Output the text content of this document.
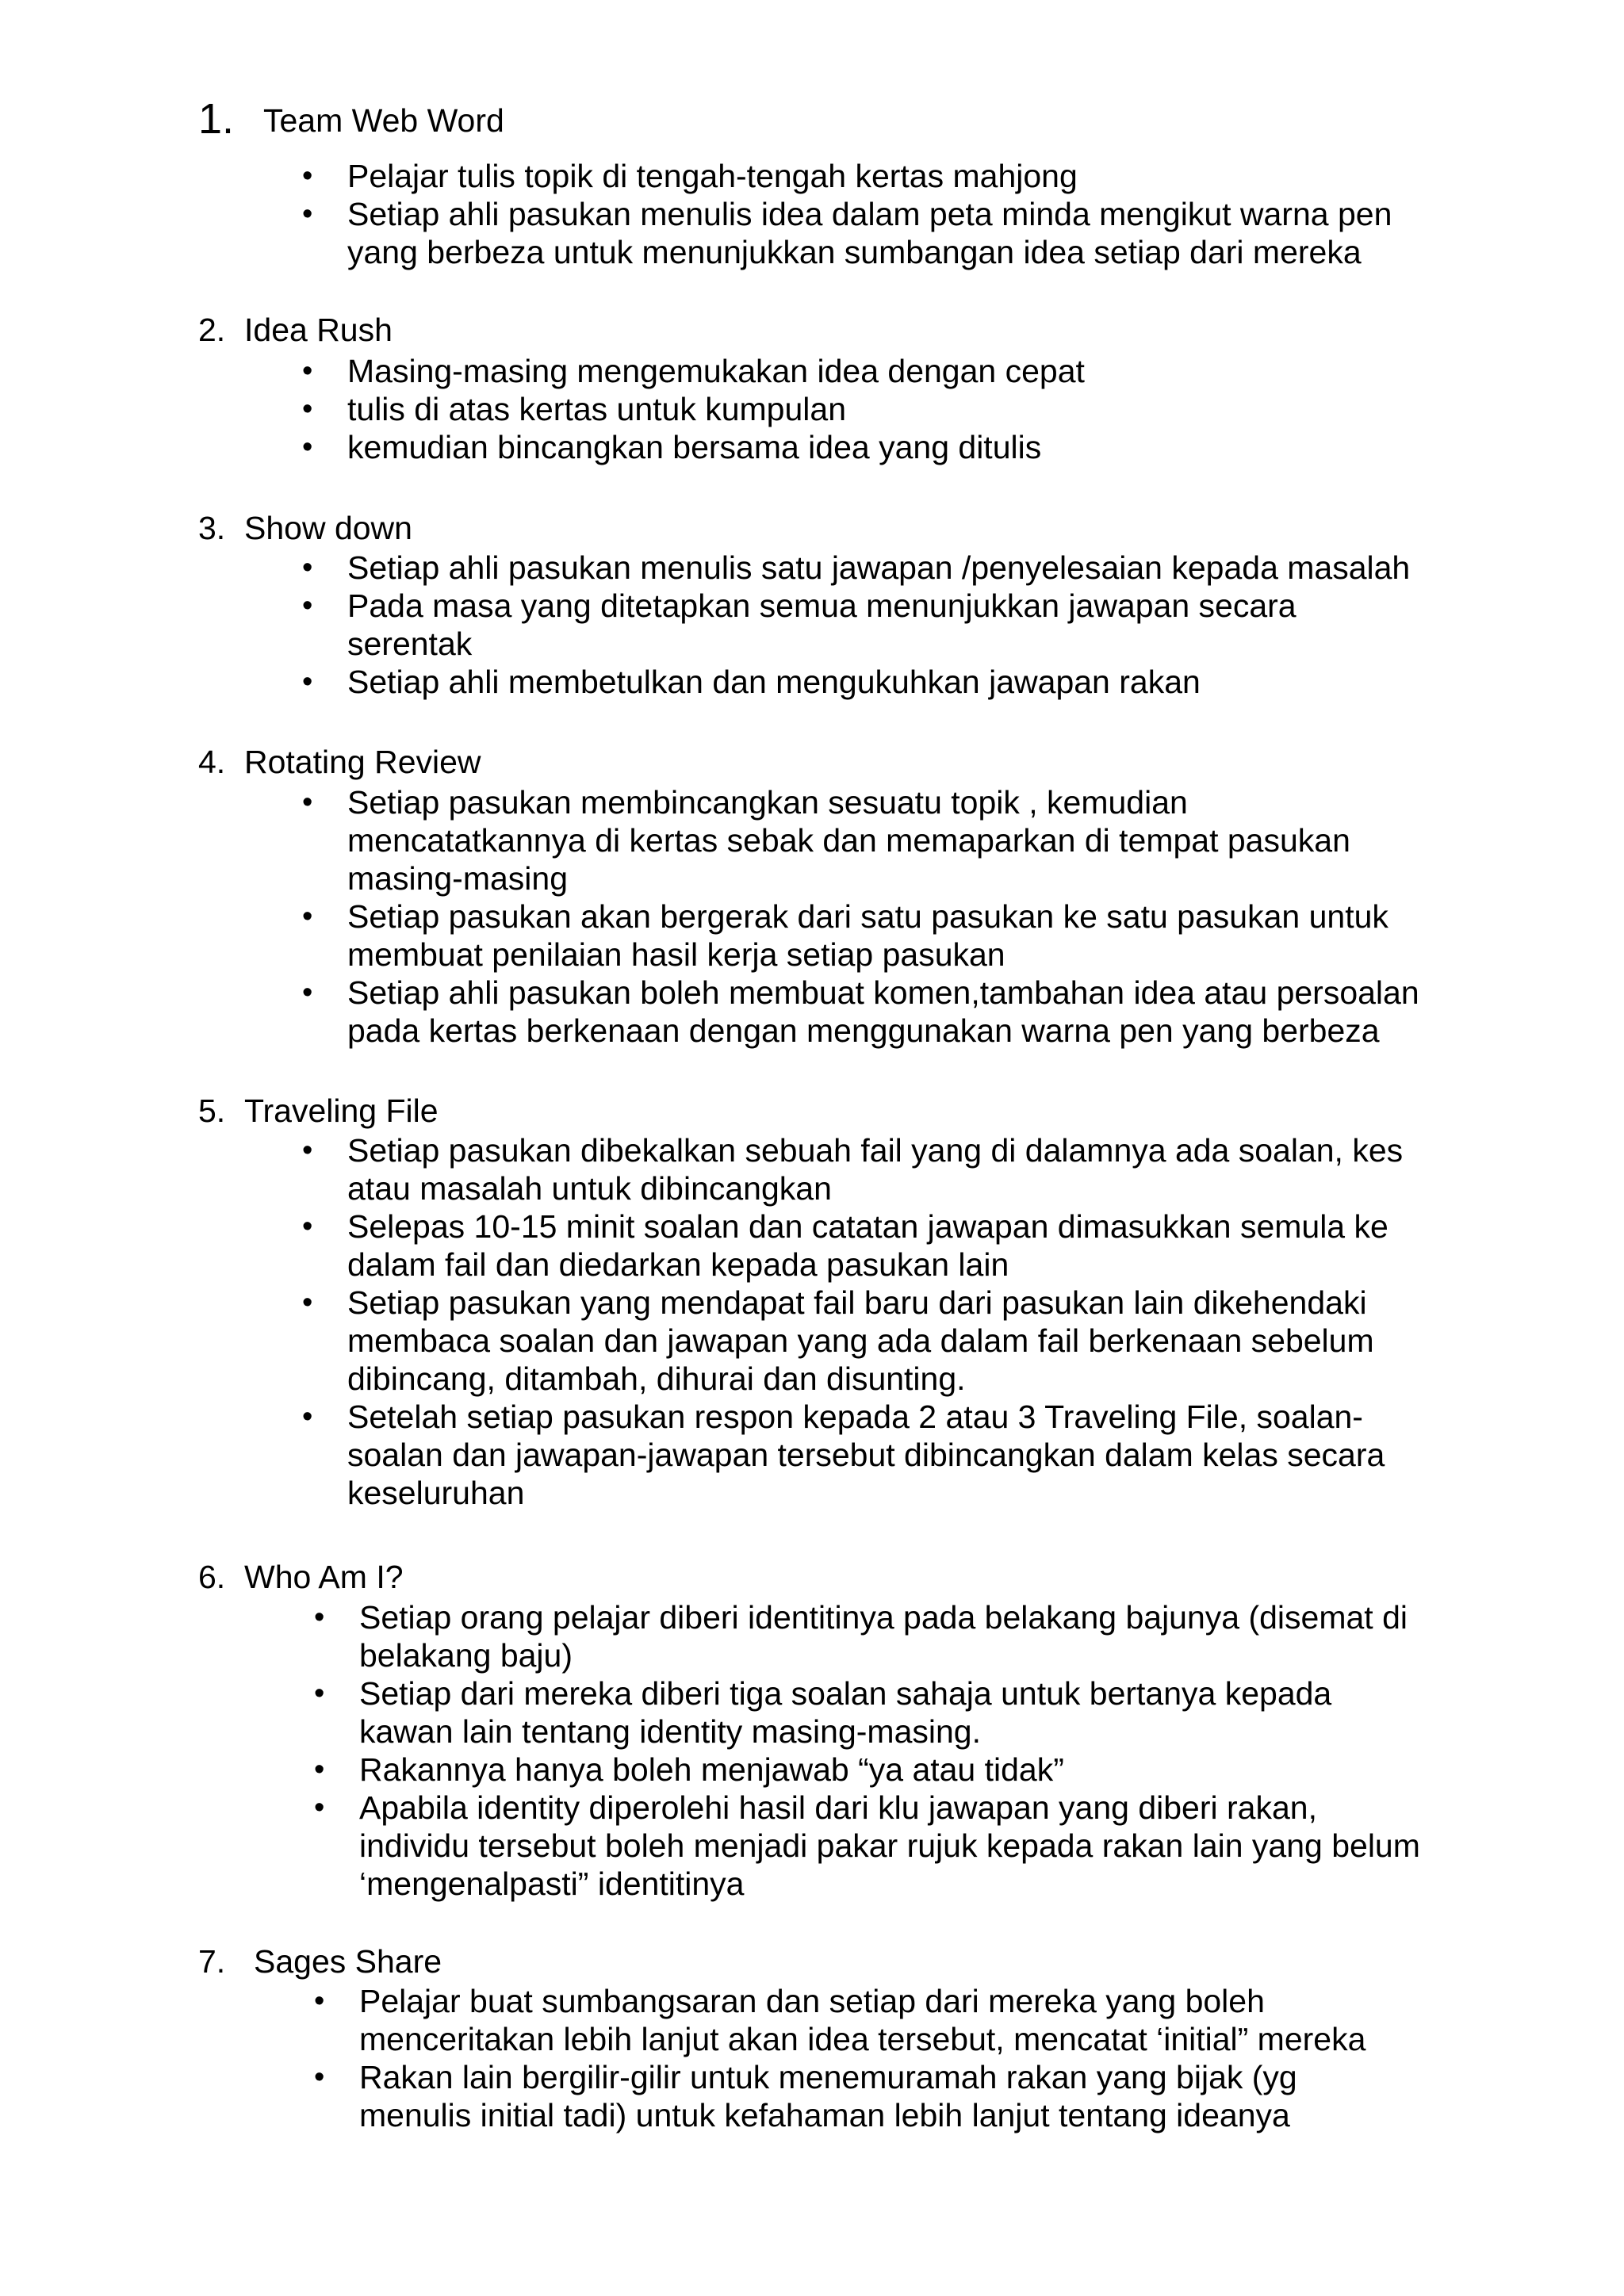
1. Team Web Word
• Pelajar tulis topik di tengah-tengah kertas mahjong
• Setiap ahli pasukan menulis idea dalam peta minda mengikut warna pen
yang berbeza untuk menunjukkan sumbangan idea setiap dari mereka
2. Idea Rush
• Masing-masing mengemukakan idea dengan cepat
• tulis di atas kertas untuk kumpulan
• kemudian bincangkan bersama idea yang ditulis
3. Show down
• Setiap ahli pasukan menulis satu jawapan /penyelesaian kepada masalah
• Pada masa yang ditetapkan semua menunjukkan jawapan secara
serentak
• Setiap ahli membetulkan dan mengukuhkan jawapan rakan
4. Rotating Review
• Setiap pasukan membincangkan sesuatu topik , kemudian
mencatatkannya di kertas sebak dan memaparkan di tempat pasukan
masing-masing
• Setiap pasukan akan bergerak dari satu pasukan ke satu pasukan untuk
membuat penilaian hasil kerja setiap pasukan
• Setiap ahli pasukan boleh membuat komen,tambahan idea atau persoalan
pada kertas berkenaan dengan menggunakan warna pen yang berbeza
5. Traveling File
• Setiap pasukan dibekalkan sebuah fail yang di dalamnya ada soalan, kes
atau masalah untuk dibincangkan
• Selepas 10-15 minit soalan dan catatan jawapan dimasukkan semula ke
dalam fail dan diedarkan kepada pasukan lain
• Setiap pasukan yang mendapat fail baru dari pasukan lain dikehendaki
membaca soalan dan jawapan yang ada dalam fail berkenaan sebelum
dibincang, ditambah, dihurai dan disunting.
• Setelah setiap pasukan respon kepada 2 atau 3 Traveling File, soalan-
soalan dan jawapan-jawapan tersebut dibincangkan dalam kelas secara
keseluruhan
6. Who Am I?
• Setiap orang pelajar diberi identitinya pada belakang bajunya (disemat di
belakang baju)
• Setiap dari mereka diberi tiga soalan sahaja untuk bertanya kepada
kawan lain tentang identity masing-masing.
• Rakannya hanya boleh menjawab “ya atau tidak”
• Apabila identity diperolehi hasil dari klu jawapan yang diberi rakan,
individu tersebut boleh menjadi pakar rujuk kepada rakan lain yang belum
‘mengenalpasti” identitinya
7. Sages Share
• Pelajar buat sumbangsaran dan setiap dari mereka yang boleh
menceritakan lebih lanjut akan idea tersebut, mencatat ‘initial” mereka
• Rakan lain bergilir-gilir untuk menemuramah rakan yang bijak (yg
menulis initial tadi) untuk kefahaman lebih lanjut tentang ideanya
